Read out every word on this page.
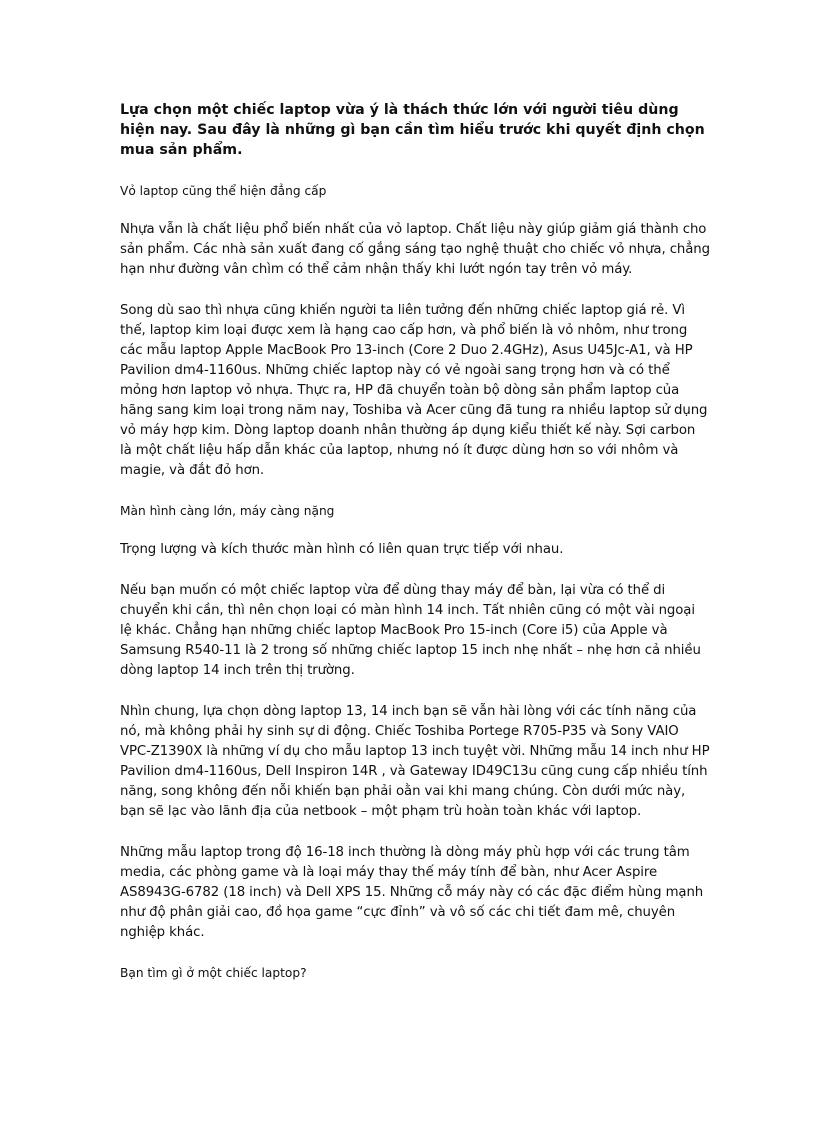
Lựa chọn một chiếc laptop vừa ý là thách thức lớn với người tiêu dùng hiện nay. Sau đây là những gì bạn cần tìm hiểu trước khi quyết định chọn mua sản phẩm.

Vỏ laptop cũng thể hiện đẳng cấp

Nhựa vẫn là chất liệu phổ biến nhất của vỏ laptop. Chất liệu này giúp giảm giá thành cho sản phẩm. Các nhà sản xuất đang cố gắng sáng tạo nghệ thuật cho chiếc vỏ nhựa, chẳng hạn như đường vân chìm có thể cảm nhận thấy khi lướt ngón tay trên vỏ máy.

Song dù sao thì nhựa cũng khiến người ta liên tưởng đến những chiếc laptop giá rẻ. Vì thế, laptop kim loại được xem là hạng cao cấp hơn, và phổ biến là vỏ nhôm, như trong các mẫu laptop Apple MacBook Pro 13-inch (Core 2 Duo 2.4GHz), Asus U45Jc-A1, và HP Pavilion dm4-1160us. Những chiếc laptop này có vẻ ngoài sang trọng hơn và có thể mỏng hơn laptop vỏ nhựa. Thực ra, HP đã chuyển toàn bộ dòng sản phẩm laptop của hãng sang kim loại trong năm nay, Toshiba và Acer cũng đã tung ra nhiều laptop sử dụng vỏ máy hợp kim. Dòng laptop doanh nhân thường áp dụng kiểu thiết kế này. Sợi carbon là một chất liệu hấp dẫn khác của laptop, nhưng nó ít được dùng hơn so với nhôm và magie, và đắt đỏ hơn.

Màn hình càng lớn, máy càng nặng

Trọng lượng và kích thước màn hình có liên quan trực tiếp với nhau.

Nếu bạn muốn có một chiếc laptop vừa để dùng thay máy để bàn, lại vừa có thể di chuyển khi cần, thì nên chọn loại có màn hình 14 inch. Tất nhiên cũng có một vài ngoại lệ khác. Chẳng hạn những chiếc laptop MacBook Pro 15-inch (Core i5) của Apple và Samsung R540-11 là 2 trong số những chiếc laptop 15 inch nhẹ nhất – nhẹ hơn cả nhiều dòng laptop 14 inch trên thị trường.

Nhìn chung, lựa chọn dòng laptop 13, 14 inch bạn sẽ vẫn hài lòng với các tính năng của nó, mà không phải hy sinh sự di động. Chiếc Toshiba Portege R705-P35 và Sony VAIO VPC-Z1390X là những ví dụ cho mẫu laptop 13 inch tuyệt vời. Những mẫu 14 inch như HP Pavilion dm4-1160us, Dell Inspiron 14R , và Gateway ID49C13u cũng cung cấp nhiều tính năng, song không đến nỗi khiến bạn phải oằn vai khi mang chúng. Còn dưới mức này, bạn sẽ lạc vào lãnh địa của netbook – một phạm trù hoàn toàn khác với laptop.

Những mẫu laptop trong độ 16-18 inch thường là dòng máy phù hợp với các trung tâm media, các phòng game và là loại máy thay thế máy tính để bàn, như Acer Aspire AS8943G-6782 (18 inch) và Dell XPS 15. Những cỗ máy này có các đặc điểm hùng mạnh như độ phân giải cao, đồ họa game “cực đỉnh” và vô số các chi tiết đam mê, chuyên nghiệp khác.

Bạn tìm gì ở một chiếc laptop?
